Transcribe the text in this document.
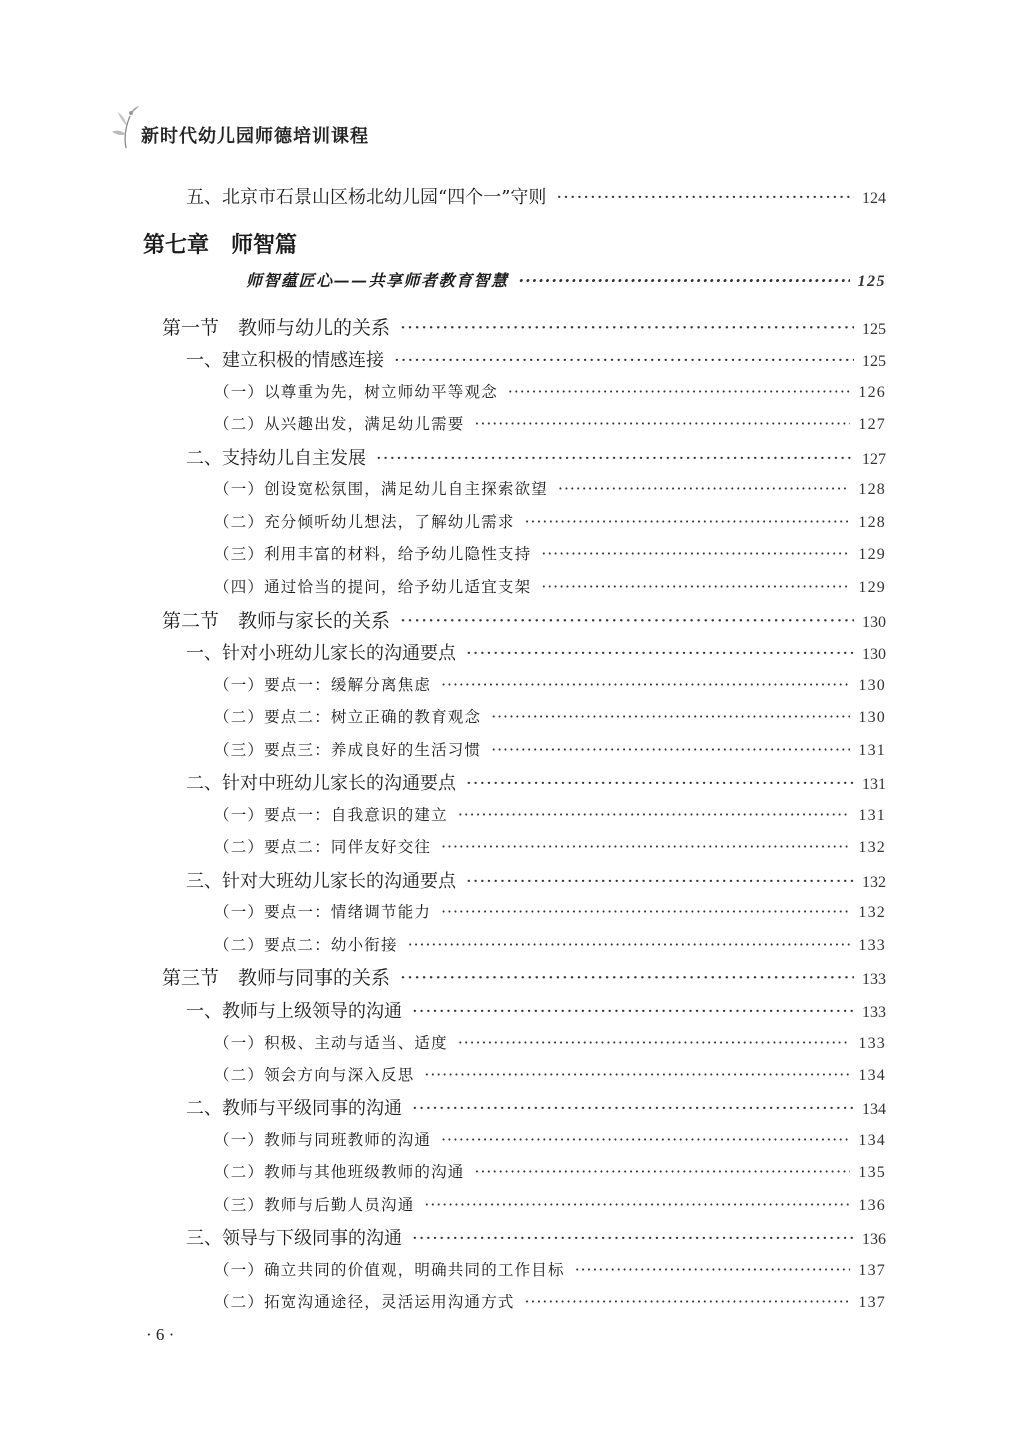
新时代幼儿园师德培训课程
五、北京市石景山区杨北幼儿园“四个一”守则 ·····	124
第七章 师智篇
师智蕴匠心——共享师者教育智慧 ·····	125
第一节　教师与幼儿的关系 ·····	125
一、建立积极的情感连接 ·····	125
（一）以尊重为先，树立师幼平等观念 ·····	126
（二）从兴趣出发，满足幼儿需要 ·····	127
二、支持幼儿自主发展 ·····	127
（一）创设宽松氛围，满足幼儿自主探索欲望 ·····	128
（二）充分倾听幼儿想法，了解幼儿需求 ·····	128
（三）利用丰富的材料，给予幼儿隐性支持 ·····	129
（四）通过恰当的提问，给予幼儿适宜支架 ·····	129
第二节　教师与家长的关系 ·····	130
一、针对小班幼儿家长的沟通要点 ·····	130
（一）要点一：缓解分离焦虑 ·····	130
（二）要点二：树立正确的教育观念 ·····	130
（三）要点三：养成良好的生活习惯 ·····	131
二、针对中班幼儿家长的沟通要点 ·····	131
（一）要点一：自我意识的建立 ·····	131
（二）要点二：同伴友好交往 ·····	132
三、针对大班幼儿家长的沟通要点 ·····	132
（一）要点一：情绪调节能力 ·····	132
（二）要点二：幼小衔接 ·····	133
第三节　教师与同事的关系 ·····	133
一、教师与上级领导的沟通 ·····	133
（一）积极、主动与适当、适度 ·····	133
（二）领会方向与深入反思 ·····	134
二、教师与平级同事的沟通 ·····	134
（一）教师与同班教师的沟通 ·····	134
（二）教师与其他班级教师的沟通 ·····	135
（三）教师与后勤人员沟通 ·····	136
三、领导与下级同事的沟通 ·····	136
（一）确立共同的价值观，明确共同的工作目标 ·····	137
（二）拓宽沟通途径，灵活运用沟通方式 ·····	137
· 6 ·
